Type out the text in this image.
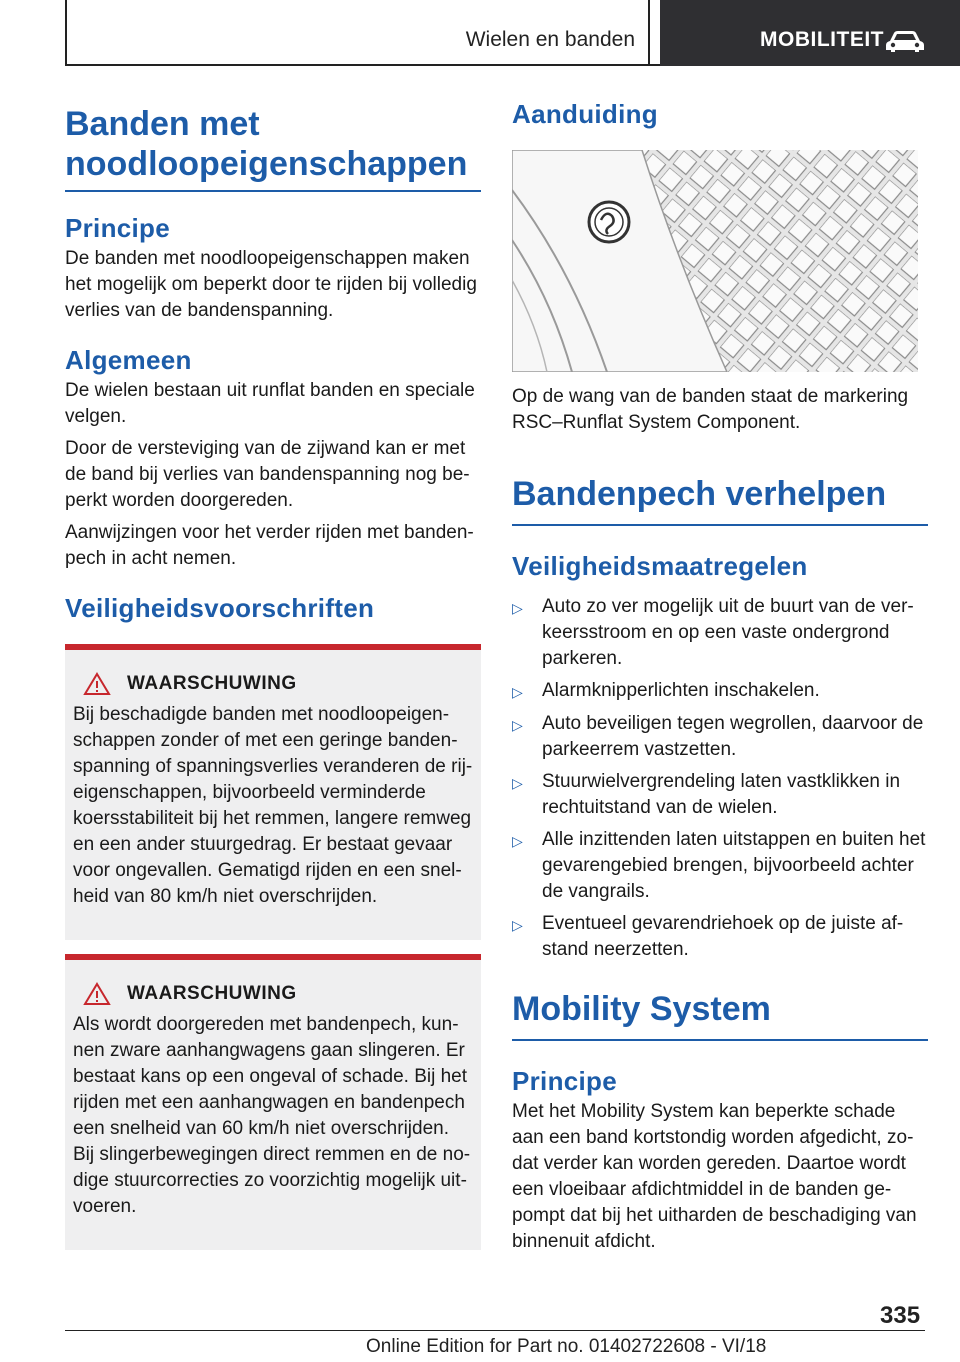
Wielen en banden	MOBILITEIT
Banden met noodloopeigenschappen
Principe

De banden met noodloopeigenschappen maken het mogelijk om beperkt door te rijden bij volledig verlies van de bandenspanning.

Algemeen

De wielen bestaan uit runflat banden en speciale velgen.

Door de versteviging van de zijwand kan er met de band bij verlies van bandenspanning nog beperkt worden doorgereden.

Aanwijzingen voor het verder rijden met bandenpech in acht nemen.

Veiligheidsvoorschriften
WAARSCHUWING

Bij beschadigde banden met noodloopeigenschappen zonder of met een geringe bandenspanning of spanningsverlies veranderen de rijeigenschappen, bijvoorbeeld verminderde koersstabiliteit bij het remmen, langere remweg en een ander stuurgedrag. Er bestaat gevaar voor ongevallen. Gematigd rijden en een snelheid van 80 km/h niet overschrijden.

WAARSCHUWING

Als wordt doorgereden met bandenpech, kunnen zware aanhangwagens gaan slingeren. Er bestaat kans op een ongeval of schade. Bij het rijden met een aanhangwagen en bandenpech een snelheid van 60 km/h niet overschrijden. Bij slingerbewegingen direct remmen en de nodige stuurcorrecties zo voorzichtig mogelijk uitvoeren.

Aanduiding

Op de wang van de banden staat de markering RSC–Runflat System Component.

Bandenpech verhelpen
Veiligheidsmaatregelen
▷	Auto zo ver mogelijk uit de buurt van de verkeersstroom en op een vaste ondergrond parkeren.
▷	Alarmknipperlichten inschakelen.
▷	Auto beveiligen tegen wegrollen, daarvoor de parkeerrem vastzetten.
▷	Stuurwielvergrendeling laten vastklikken in rechtuitstand van de wielen.
▷	Alle inzittenden laten uitstappen en buiten het gevarengebied brengen, bijvoorbeeld achter de vangrails.
▷	Eventueel gevarendriehoek op de juiste afstand neerzetten.
Mobility System
Principe

Met het Mobility System kan beperkte schade aan een band kortstondig worden afgedicht, zodat verder kan worden gereden. Daartoe wordt een vloeibaar afdichtmiddel in de banden gepompt dat bij het uitharden de beschadiging van binnenuit afdicht.

335
Online Edition for Part no. 01402722608 - VI/18
